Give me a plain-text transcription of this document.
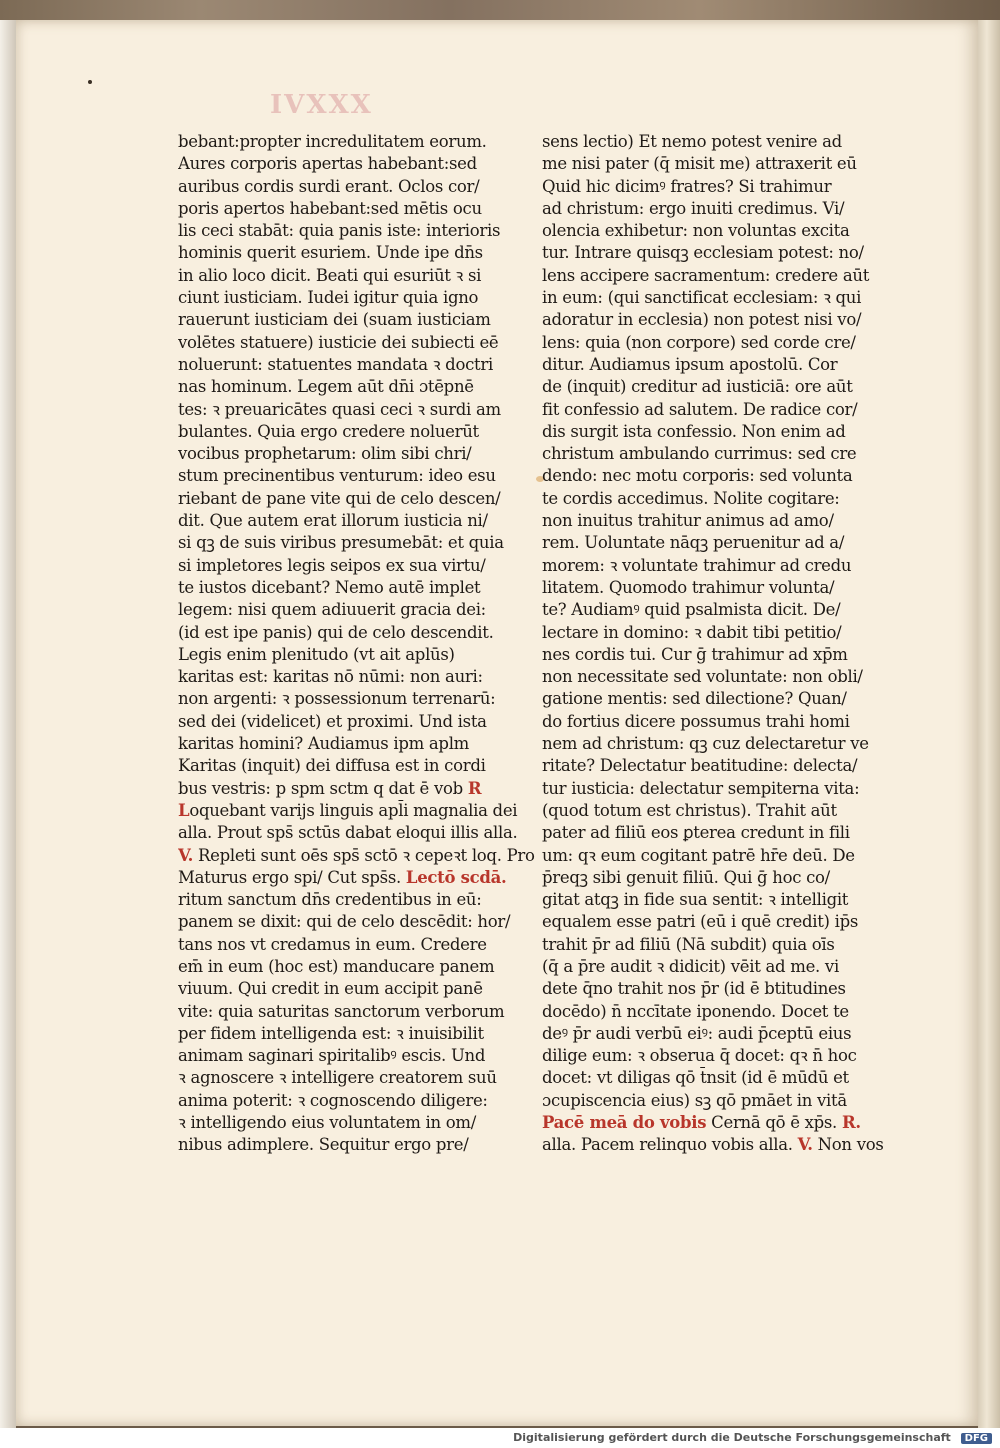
IVXXX
bebant:propter incredulitatem eorum.
Aures corporis apertas habebant:sed
auribus cordis surdi erant. Oclos cor/
poris apertos habebant:sed mētis ocu
lis ceci stabāt: quia panis iste: interioris
hominis querit esuriem. Unde ipe dn̄s
in alio loco dicit. Beati qui esuriūt ꝛ si
ciunt iusticiam. Iudei igitur quia igno
rauerunt iusticiam dei (suam iusticiam
volētes statuere) iusticie dei subiecti eē
noluerunt: statuentes mandata ꝛ doctri
nas hominum. Legem aūt dn̄i ɔtēpnē
tes: ꝛ preuaricātes quasi ceci ꝛ surdi am
bulantes. Quia ergo credere noluerūt
vocibus prophetarum: olim sibi chri/
stum precinentibus venturum: ideo esu
riebant de pane vite qui de celo descen/
dit. Que autem erat illorum iusticia ni/
si qꝫ de suis viribus presumebāt: et quia
si impletores legis seipos ex sua virtu/
te iustos dicebant? Nemo autē implet
legem: nisi quem adiuuerit gracia dei:
(id est ipe panis) qui de celo descendit.
Legis enim plenitudo (vt ait aplūs)
karitas est: karitas nō nūmi: non auri:
non argenti: ꝛ possessionum terrenarū:
sed dei (videlicet) et proximi. Und ista
karitas homini? Audiamus ipm aplm
Karitas (inquit) dei diffusa est in cordi
bus vestris: p spm sctm q dat ē vob R
Loquebant varijs linguis apl̄i magnalia dei
alla. Prout sps̄ sctūs dabat eloqui illis alla.
V. Repleti sunt oēs sps̄ sctō ꝛ cepeꝛt loq. Pro
Maturus ergo spi/ Cut sps̄s. Lectō scdā.
ritum sanctum dn̄s credentibus in eū:
panem se dixit: qui de celo descēdit: hor/
tans nos vt credamus in eum. Credere
em̄ in eum (hoc est) manducare panem
viuum. Qui credit in eum accipit panē
vite: quia saturitas sanctorum verborum
per fidem intelligenda est: ꝛ inuisibilit
animam saginari spiritalibꝰ escis. Und
ꝛ agnoscere ꝛ intelligere creatorem suū
anima poterit: ꝛ cognoscendo diligere:
ꝛ intelligendo eius voluntatem in om/
nibus adimplere. Sequitur ergo pre/
sens lectio) Et nemo potest venire ad
me nisi pater (q̄ misit me) attraxerit eū
Quid hic dicimꝰ fratres? Si trahimur
ad christum: ergo inuiti credimus. Vi/
olencia exhibetur: non voluntas excita
tur. Intrare quisqꝫ ecclesiam potest: no/
lens accipere sacramentum: credere aūt
in eum: (qui sanctificat ecclesiam: ꝛ qui
adoratur in ecclesia) non potest nisi vo/
lens: quia (non corpore) sed corde cre/
ditur. Audiamus ipsum apostolū. Cor
de (inquit) creditur ad iusticiā: ore aūt
fit confessio ad salutem. De radice cor/
dis surgit ista confessio. Non enim ad
christum ambulando currimus: sed cre
dendo: nec motu corporis: sed volunta
te cordis accedimus. Nolite cogitare:
non inuitus trahitur animus ad amo/
rem. Uoluntate nāqꝫ peruenitur ad a/
morem: ꝛ voluntate trahimur ad credu
litatem. Quomodo trahimur volunta/
te? Audiamꝰ quid psalmista dicit. De/
lectare in domino: ꝛ dabit tibi petitio/
nes cordis tui. Cur ḡ trahimur ad xp̄m
non necessitate sed voluntate: non obli/
gatione mentis: sed dilectione? Quan/
do fortius dicere possumus trahi homi
nem ad christum: qꝫ cuz delectaretur ve
ritate? Delectatur beatitudine: delecta/
tur iusticia: delectatur sempiterna vita:
(quod totum est christus). Trahit aūt
pater ad filiū eos ꝑterea credunt in fili
um: qꝛ eum cogitant patrē hr̄e deū. De
p̄reqꝫ sibi genuit filiū. Qui ḡ hoc co/
gitat atqꝫ in fide sua sentit: ꝛ intelligit
equalem esse patri (eū i quē credit) ip̄s
trahit p̄r ad filiū (Nā subdit) quia oīs
(q̄ a p̄re audit ꝛ didicit) vēit ad me. vi
dete q̄no trahit nos p̄r (id ē btitudines
docēdo) n̄ nccītate iponendo. Docet te
deꝰ p̄r audi verbū eiꝰ: audi p̄ceptū eius
dilige eum: ꝛ obserua q̄ docet: qꝛ n̄ hoc
docet: vt diligas qō t̄nsit (id ē mūdū et
ɔcupiscencia eius) sꝫ qō pmāet in vitā
Pacē meā do vobis Cernā qō ē xp̄s. R.
alla. Pacem relinquo vobis alla. V. Non vos
Digitalisierung gefördert durch die Deutsche Forschungsgemeinschaft DFG
